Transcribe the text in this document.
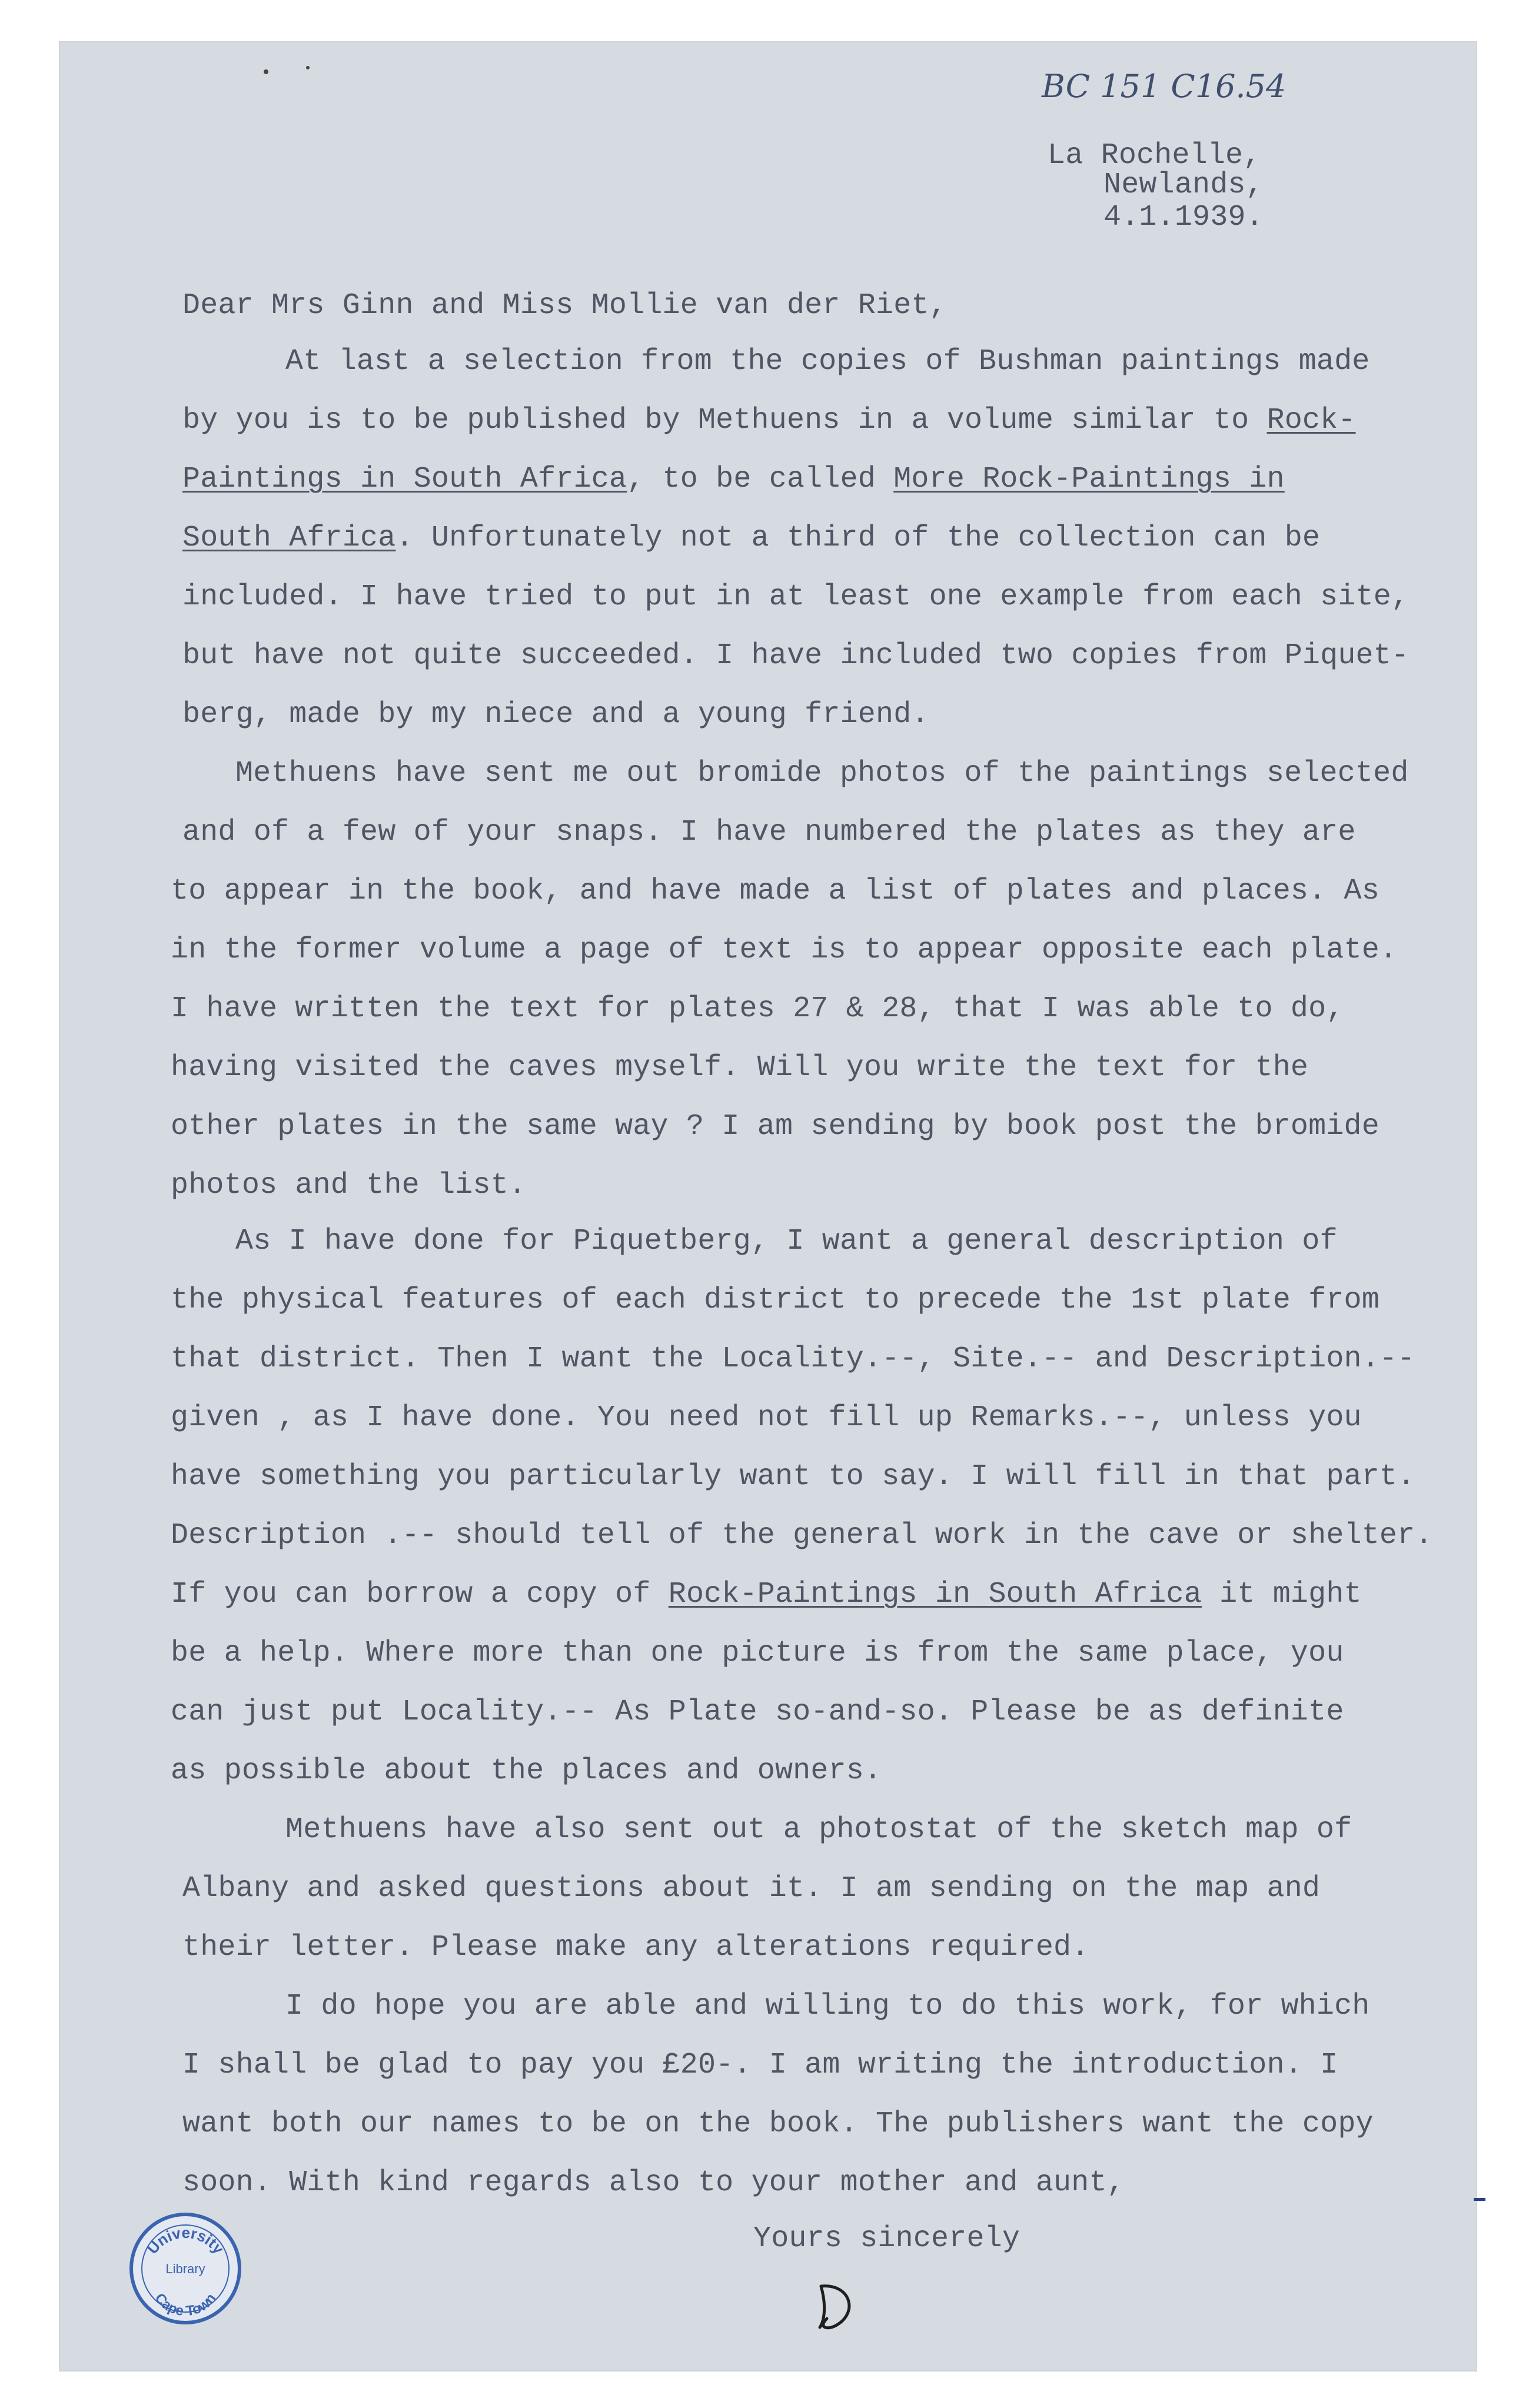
BC 151 C16.54
La Rochelle,
Newlands,
4.1.1939.
Dear Mrs Ginn and Miss Mollie van der Riet,
At last a selection from the copies of Bushman paintings made
by you is to be published by Methuens in a volume similar to Rock-
Paintings in South Africa, to be called More Rock-Paintings in
South Africa. Unfortunately not a third of the collection can be
included. I have tried to put in at least one example from each site,
but have not quite succeeded. I have included two copies from Piquet-
berg, made by my niece and a young friend.
Methuens have sent me out bromide photos of the paintings selected
and of a few of your snaps. I have numbered the plates as they are
to appear in the book, and have made a list of plates and places. As
in the former volume a page of text is to appear opposite each plate.
I have written the text for plates 27 & 28, that I was able to do,
having visited the caves myself. Will you write the text for the
other plates in the same way ? I am sending by book post the bromide
photos and the list.
As I have done for Piquetberg, I want a general description of
the physical features of each district to precede the 1st plate from
that district. Then I want the Locality.--, Site.-- and Description.--
given , as I have done. You need not fill up Remarks.--, unless you
have something you particularly want to say. I will fill in that part.
Description .-- should tell of the general work in the cave or shelter.
If you can borrow a copy of Rock-Paintings in South Africa it might
be a help. Where more than one picture is from the same place, you
can just put Locality.-- As Plate so-and-so. Please be as definite
as possible about the places and owners.
Methuens have also sent out a photostat of the sketch map of
Albany and asked questions about it. I am sending on the map and
their letter. Please make any alterations required.
I do hope you are able and willing to do this work, for which
I shall be glad to pay you £20-. I am writing the introduction. I
want both our names to be on the book. The publishers want the copy
soon. With kind regards also to your mother and aunt,
Yours sincerely
University
Library
Cape Town
